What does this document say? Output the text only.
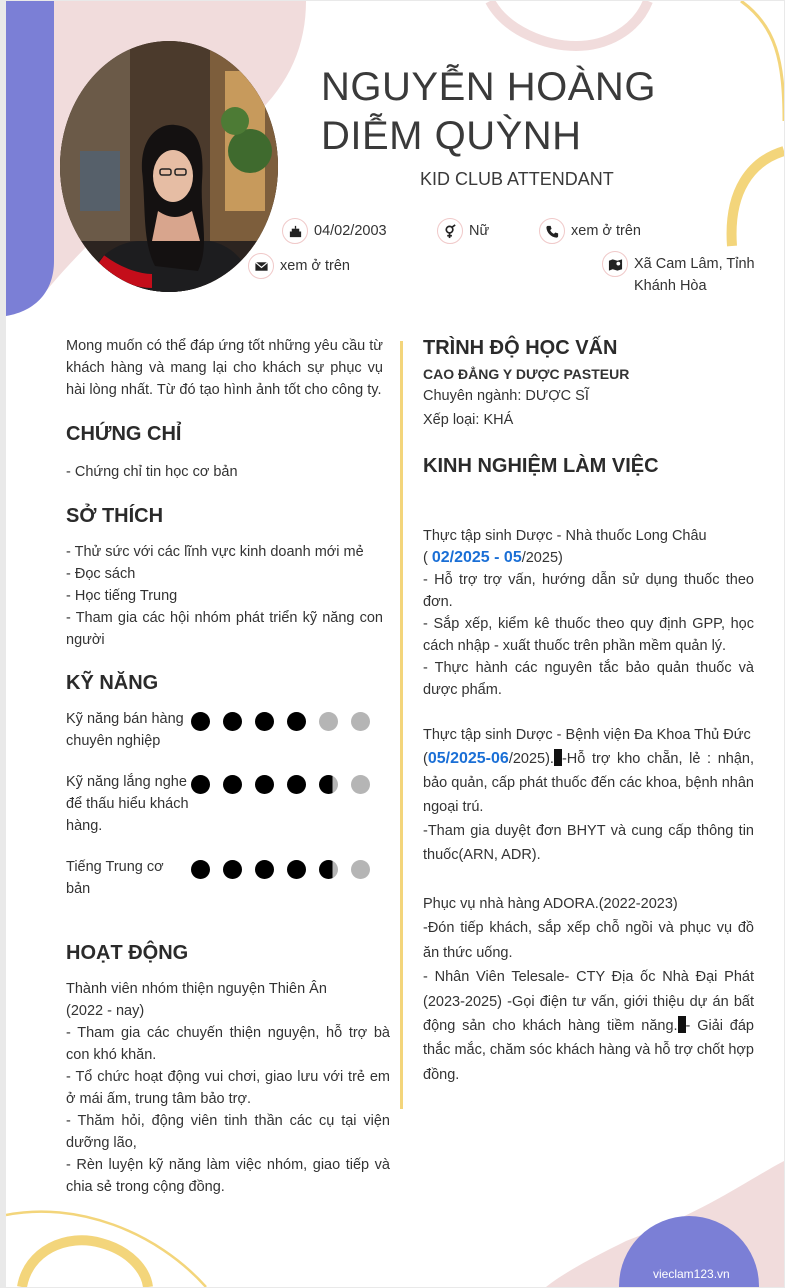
NGUYỄN HOÀNG
DIỄM QUỲNH
KID CLUB ATTENDANT
04/02/2003	Nữ	xem ở trên
xem ở trên	Xã Cam Lâm, Tỉnh Khánh Hòa
Mong muốn có thể đáp ứng tốt những yêu cầu từ khách hàng và mang lại cho khách sự phục vụ hài lòng nhất. Từ đó tạo hình ảnh tốt cho công ty.
CHỨNG CHỈ
- Chứng chỉ tin học cơ bản
SỞ THÍCH

- Thử sức với các lĩnh vực kinh doanh mới mẻ

- Đọc sách

- Học tiếng Trung

- Tham gia các hội nhóm phát triển kỹ năng con người

KỸ NĂNG
Kỹ năng bán hàng chuyên nghiệp
Kỹ năng lắng nghe để thấu hiểu khách hàng.
Tiếng Trung cơ bản
HOẠT ĐỘNG

Thành viên nhóm thiện nguyện Thiên Ân

(2022 - nay)

- Tham gia các chuyến thiện nguyện, hỗ trợ bà con khó khăn.

- Tổ chức hoạt động vui chơi, giao lưu với trẻ em ở mái ấm, trung tâm bảo trợ.

- Thăm hỏi, động viên tinh thần các cụ tại viện dưỡng lão,

- Rèn luyện kỹ năng làm việc nhóm, giao tiếp và chia sẻ trong cộng đồng.

TRÌNH ĐỘ HỌC VẤN
CAO ĐẲNG Y DƯỢC PASTEUR
Chuyên ngành: DƯỢC SĨ
Xếp loại: KHÁ
KINH NGHIỆM LÀM VIỆC

Thực tập sinh Dược - Nhà thuốc Long Châu

( 02/2025 - 05/2025)

- Hỗ trợ trợ vấn, hướng dẫn sử dụng thuốc theo đơn.

- Sắp xếp, kiểm kê thuốc theo quy định GPP, học cách nhập - xuất thuốc trên phần mềm quản lý.

- Thực hành các nguyên tắc bảo quản thuốc và dược phẩm.

Thực tập sinh Dược - Bệnh viện Đa Khoa Thủ Đức

(05/2025-06/2025). -Hỗ trợ kho chẵn, lẻ : nhận, bảo quản, cấp phát thuốc đến các khoa, bệnh nhân ngoại trú.

-Tham gia duyệt đơn BHYT và cung cấp thông tin thuốc(ARN, ADR).

Phục vụ nhà hàng ADORA.(2022-2023)

-Đón tiếp khách, sắp xếp chỗ ngồi và phục vụ đồ ăn thức uống.

- Nhân Viên Telesale- CTY Địa ốc Nhà Đại Phát (2023-2025) -Gọi điện tư vấn, giới thiệu dự án bất động sản cho khách hàng tiềm năng. - Giải đáp thắc mắc, chăm sóc khách hàng và hỗ trợ chốt hợp đồng.

vieclam123.vn
